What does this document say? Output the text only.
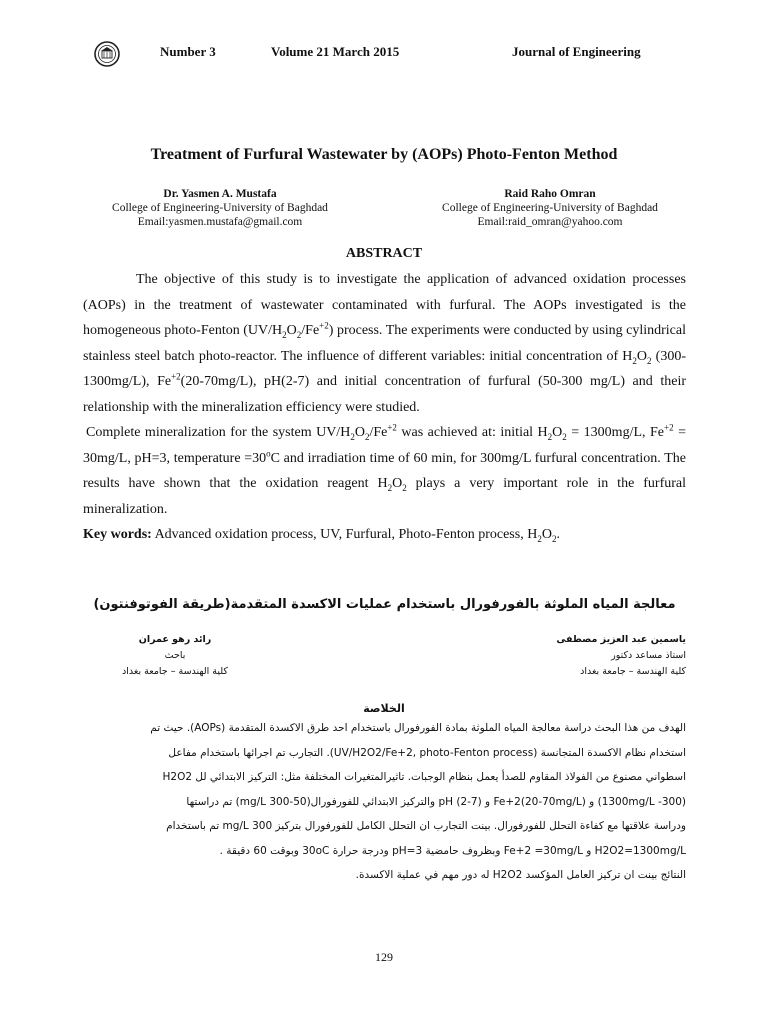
Number 3	Volume 21 March 2015	Journal of Engineering
Treatment of Furfural Wastewater by (AOPs) Photo-Fenton Method
Dr. Yasmen A. Mustafa
College of Engineering-University of Baghdad
Email:yasmen.mustafa@gmail.com
Raid Raho Omran
College of Engineering-University of Baghdad
Email:raid_omran@yahoo.com
ABSTRACT

The objective of this study is to investigate the application of advanced oxidation processes (AOPs) in the treatment of wastewater contaminated with furfural. The AOPs investigated is the homogeneous photo-Fenton $(UV/H_2O_2/Fe^{+2})$ process. The experiments were conducted by using cylindrical stainless steel batch photo-reactor. The influence of different variables: initial concentration of $H_2O_2$ (300-1300mg/L), $Fe^{+2}(20-70mg/L)$, pH(2-7) and initial concentration of furfural (50-300 mg/L) and their relationship with the mineralization efficiency were studied.

Complete mineralization for the system $UV/H_2O_2/Fe^{+2}$ was achieved at: initial $H_2O_2 = 1300mg/L$, $Fe^{+2} = 30mg/L$, pH=3, temperature $=30^oC$ and irradiation time of 60 min, for 300mg/L furfural concentration. The results have shown that the oxidation reagent $H_2O_2$ plays a very important role in the furfural mineralization.

Key words: Advanced oxidation process, UV, Furfural, Photo-Fenton process, $H_2O_2$.

معالجة المياه الملوثة بالفورفورال باستخدام عمليات الاكسدة المتقدمة(طريقة الفوتوفنتون)
ياسمين عبد العزيز مصطفى
استاذ مساعد دكتور
كلية الهندسة – جامعة بغداد
رائد رهو عمران
باحث
كلية الهندسة – جامعة بغداد
الخلاصة
الهدف من هذا البحث دراسة معالجة المياه الملوثة بمادة الفورفورال باستخدام احد طرق الاكسدة المتقدمة (AOPs). حيث تم
استخدام نظام الاكسدة المتجانسة (UV/H2O2/Fe+2, photo-Fenton process). التجارب تم اجرائها باستخدام مفاعل
اسطواني مصنوع من الفولاذ المقاوم للصدأ يعمل بنظام الوجبات. تاثيرالمتغيرات المختلفة مثل: التركيز الابتدائي لل H2O2
(300- 1300mg/L) و Fe+2(20-70mg/L) و pH (2-7) والتركيز الابتدائي للفورفورال(50-300 mg/L) تم دراستها
ودراسة علاقتها مع كفاءة التحلل للفورفورال. بينت التجارب ان التحلل الكامل للفورفورال بتركيز 300 mg/L تم باستخدام
H2O2=1300mg/L و Fe+2 =30mg/L وبظروف حامضية pH=3 ودرجة حرارة 30oC وبوقت 60 دقيقة .
النتائج بينت ان تركيز العامل المؤكسد H2O2 له دور مهم في عملية الاكسدة.
129
